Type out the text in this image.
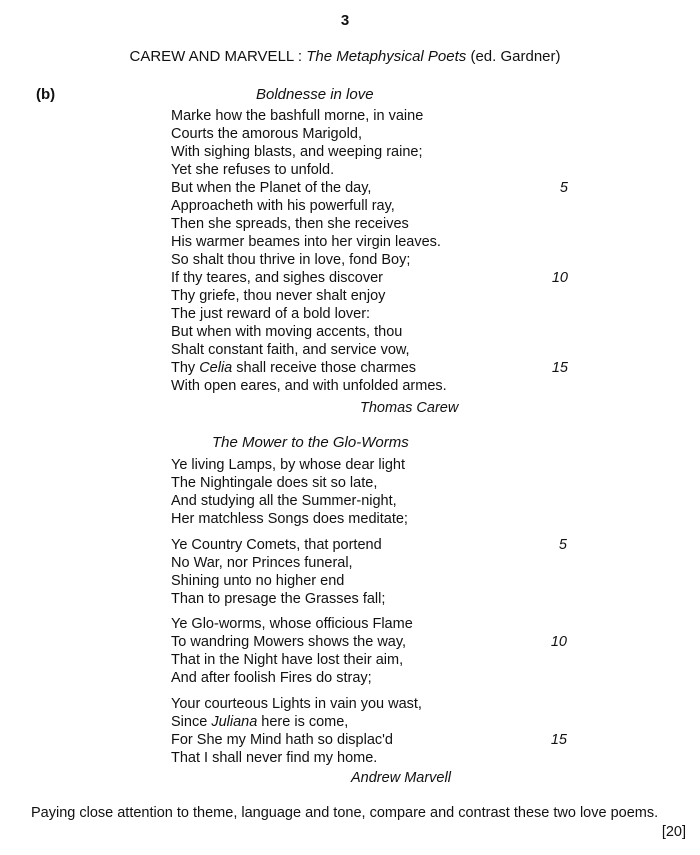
3
CAREW AND MARVELL : The Metaphysical Poets (ed. Gardner)
(b)	Boldnesse in love
Marke how the bashfull morne, in vaine
Courts the amorous Marigold,
With sighing blasts, and weeping raine;
Yet she refuses to unfold.
But when the Planet of the day,
Approacheth with his powerfull ray,
Then she spreads, then she receives
His warmer beames into her virgin leaves.
So shalt thou thrive in love, fond Boy;
If thy teares, and sighes discover
Thy griefe, thou never shalt enjoy
The just reward of a bold lover:
But when with moving accents, thou
Shalt constant faith, and service vow,
Thy Celia shall receive those charmes
With open eares, and with unfolded armes.
5
10
15
Thomas Carew
The Mower to the Glo-Worms
Ye living Lamps, by whose dear light
The Nightingale does sit so late,
And studying all the Summer-night,
Her matchless Songs does meditate;
Ye Country Comets, that portend
No War, nor Princes funeral,
Shining unto no higher end
Than to presage the Grasses fall;
Ye Glo-worms, whose officious Flame
To wandring Mowers shows the way,
That in the Night have lost their aim,
And after foolish Fires do stray;
Your courteous Lights in vain you wast,
Since Juliana here is come,
For She my Mind hath so displac'd
That I shall never find my home.
5
10
15
Andrew Marvell
Paying close attention to theme, language and tone, compare and contrast these two love poems.
[20]
